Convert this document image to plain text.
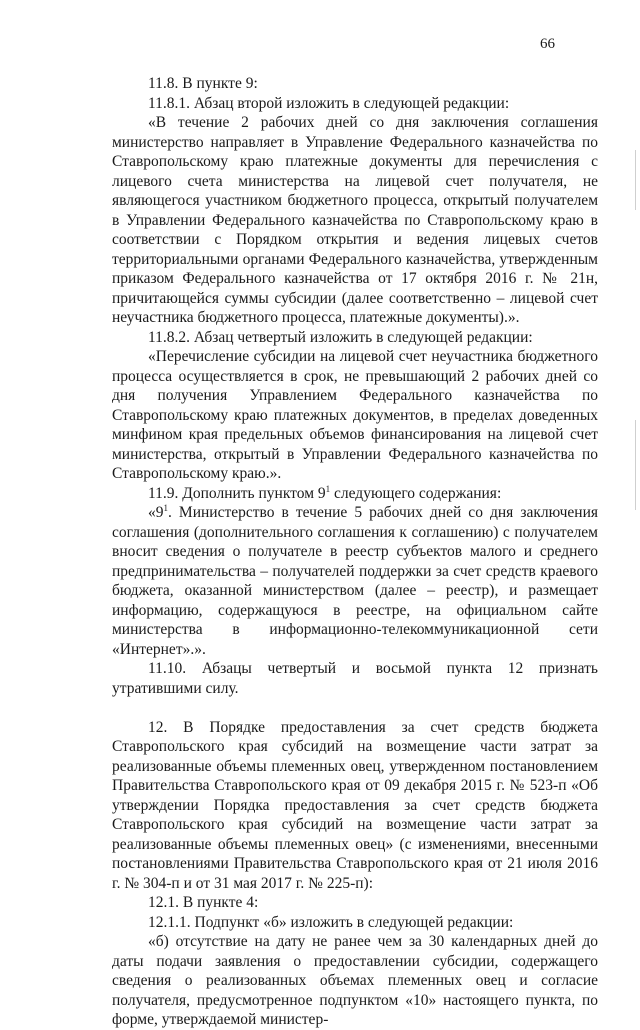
66

11.8. В пункте 9:

11.8.1. Абзац второй изложить в следующей редакции:

«В течение 2 рабочих дней со дня заключения соглашения министерство направляет в Управление Федерального казначейства по Ставропольскому краю платежные документы для перечисления с лицевого счета министерства на лицевой счет получателя, не являющегося участником бюджетного процесса, открытый получателем в Управлении Федерального казначейства по Ставропольскому краю в соответствии с Порядком открытия и ведения лицевых счетов территориальными органами Федерального казначейства, утвержденным приказом Федерального казначейства от 17 октября 2016 г. № 21н, причитающейся суммы субсидии (далее соответственно – лицевой счет неучастника бюджетного процесса, платежные документы).».

11.8.2. Абзац четвертый изложить в следующей редакции:

«Перечисление субсидии на лицевой счет неучастника бюджетного процесса осуществляется в срок, не превышающий 2 рабочих дней со дня получения Управлением Федерального казначейства по Ставропольскому краю платежных документов, в пределах доведенных минфином края предельных объемов финансирования на лицевой счет министерства, открытый в Управлении Федерального казначейства по Ставропольскому краю.».

11.9. Дополнить пунктом $9^1$ следующего содержания:

«$9^1$. Министерство в течение 5 рабочих дней со дня заключения соглашения (дополнительного соглашения к соглашению) с получателем вносит сведения о получателе в реестр субъектов малого и среднего предпринимательства – получателей поддержки за счет средств краевого бюджета, оказанной министерством (далее – реестр), и размещает информацию, содержащуюся в реестре, на официальном сайте министерства в информационно-телекоммуникационной сети «Интернет».».

11.10. Абзацы четвертый и восьмой пункта 12 признать утратившими силу.

12. В Порядке предоставления за счет средств бюджета Ставропольского края субсидий на возмещение части затрат за реализованные объемы племенных овец, утвержденном постановлением Правительства Ставропольского края от 09 декабря 2015 г. № 523-п «Об утверждении Порядка предоставления за счет средств бюджета Ставропольского края субсидий на возмещение части затрат за реализованные объемы племенных овец» (с изменениями, внесенными постановлениями Правительства Ставропольского края от 21 июля 2016 г. № 304-п и от 31 мая 2017 г. № 225-п):

12.1. В пункте 4:

12.1.1. Подпункт «б» изложить в следующей редакции:

«б) отсутствие на дату не ранее чем за 30 календарных дней до даты подачи заявления о предоставлении субсидии, содержащего сведения о реализованных объемах племенных овец и согласие получателя, предусмотренное подпунктом «10» настоящего пункта, по форме, утверждаемой министер-
